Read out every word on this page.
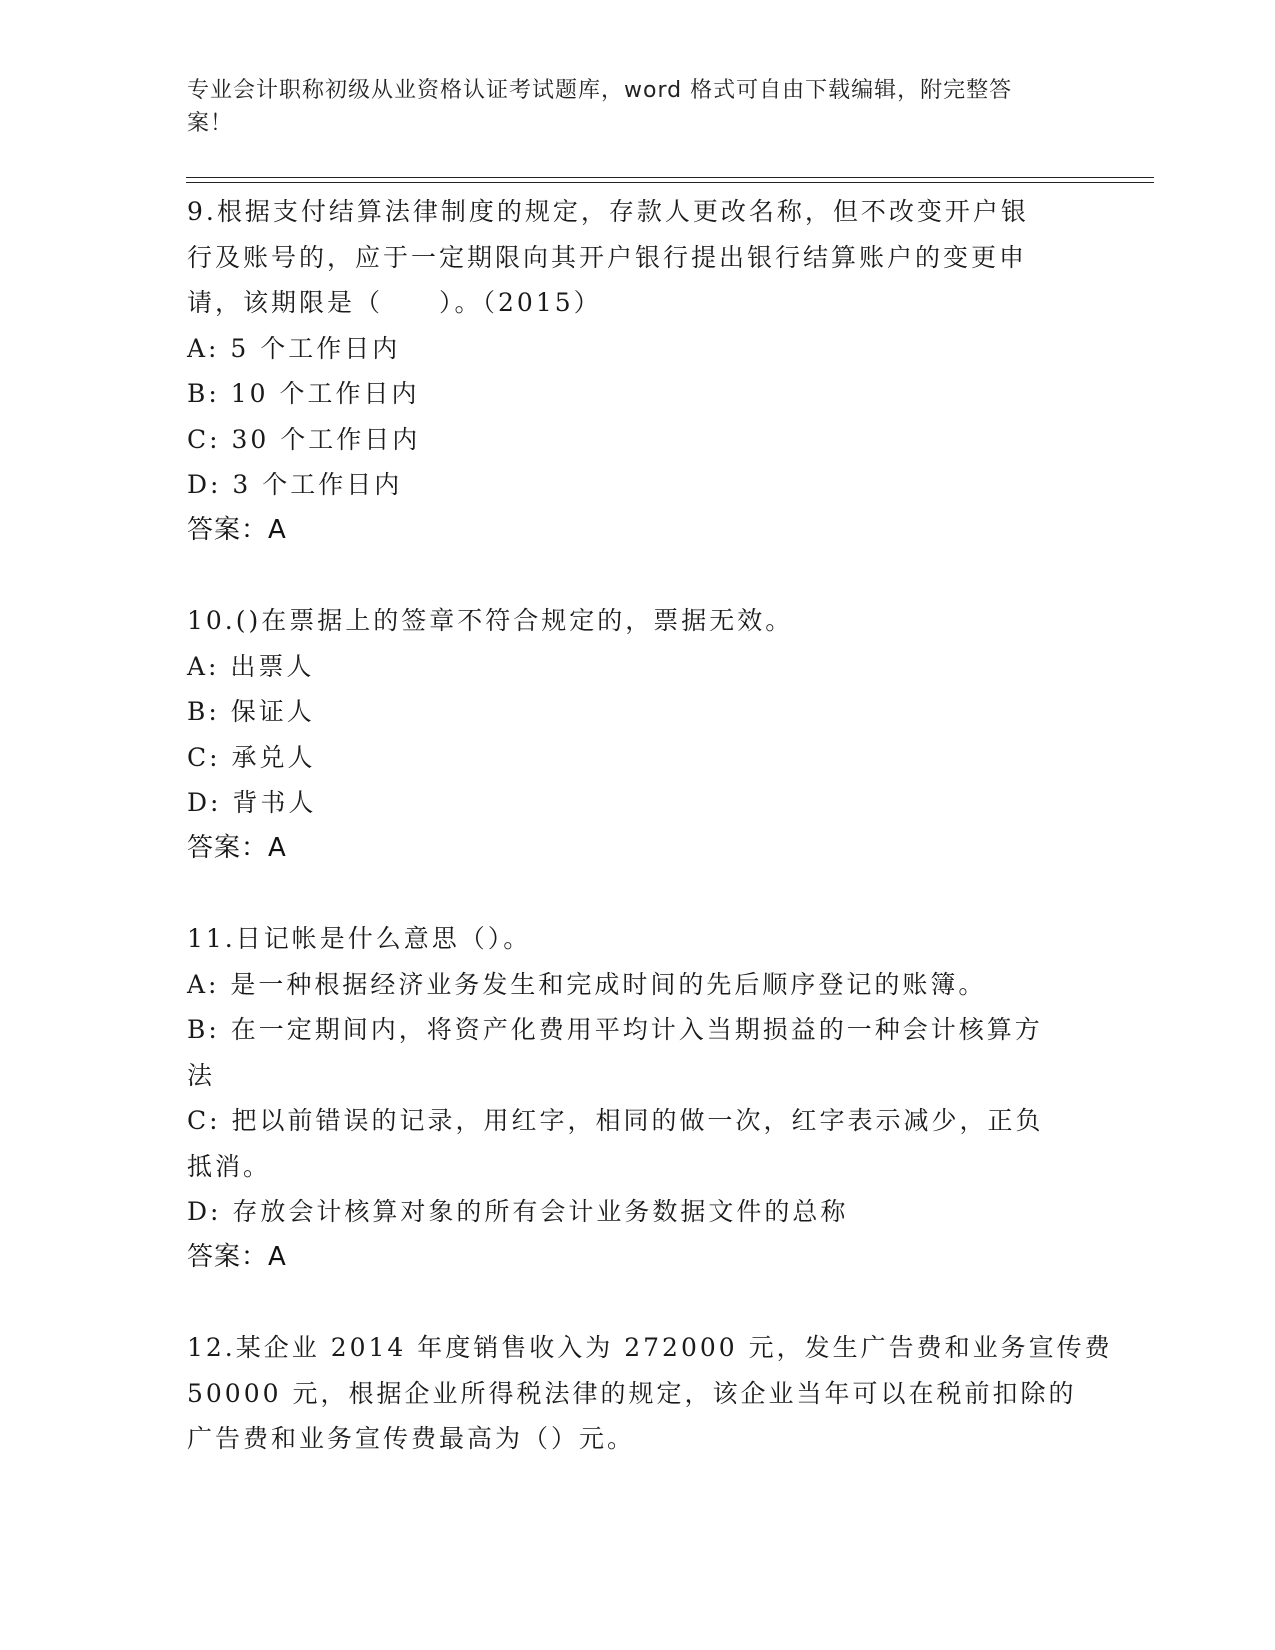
专业会计职称初级从业资格认证考试题库，word 格式可自由下载编辑，附完整答
案！
9.根据支付结算法律制度的规定，存款人更改名称，但不改变开户银
行及账号的，应于一定期限向其开户银行提出银行结算账户的变更申
请，该期限是（　　）。（2015）
A: 5 个工作日内
B: 10 个工作日内
C: 30 个工作日内
D: 3 个工作日内
答案：A
10.()在票据上的签章不符合规定的，票据无效。
A: 出票人
B: 保证人
C: 承兑人
D: 背书人
答案：A
11.日记帐是什么意思（）。
A: 是一种根据经济业务发生和完成时间的先后顺序登记的账簿。
B: 在一定期间内，将资产化费用平均计入当期损益的一种会计核算方
法
C: 把以前错误的记录，用红字，相同的做一次，红字表示减少，正负
抵消。
D: 存放会计核算对象的所有会计业务数据文件的总称
答案：A
12.某企业 2014 年度销售收入为 272000 元，发生广告费和业务宣传费
50000 元，根据企业所得税法律的规定，该企业当年可以在税前扣除的
广告费和业务宣传费最高为（）元。
